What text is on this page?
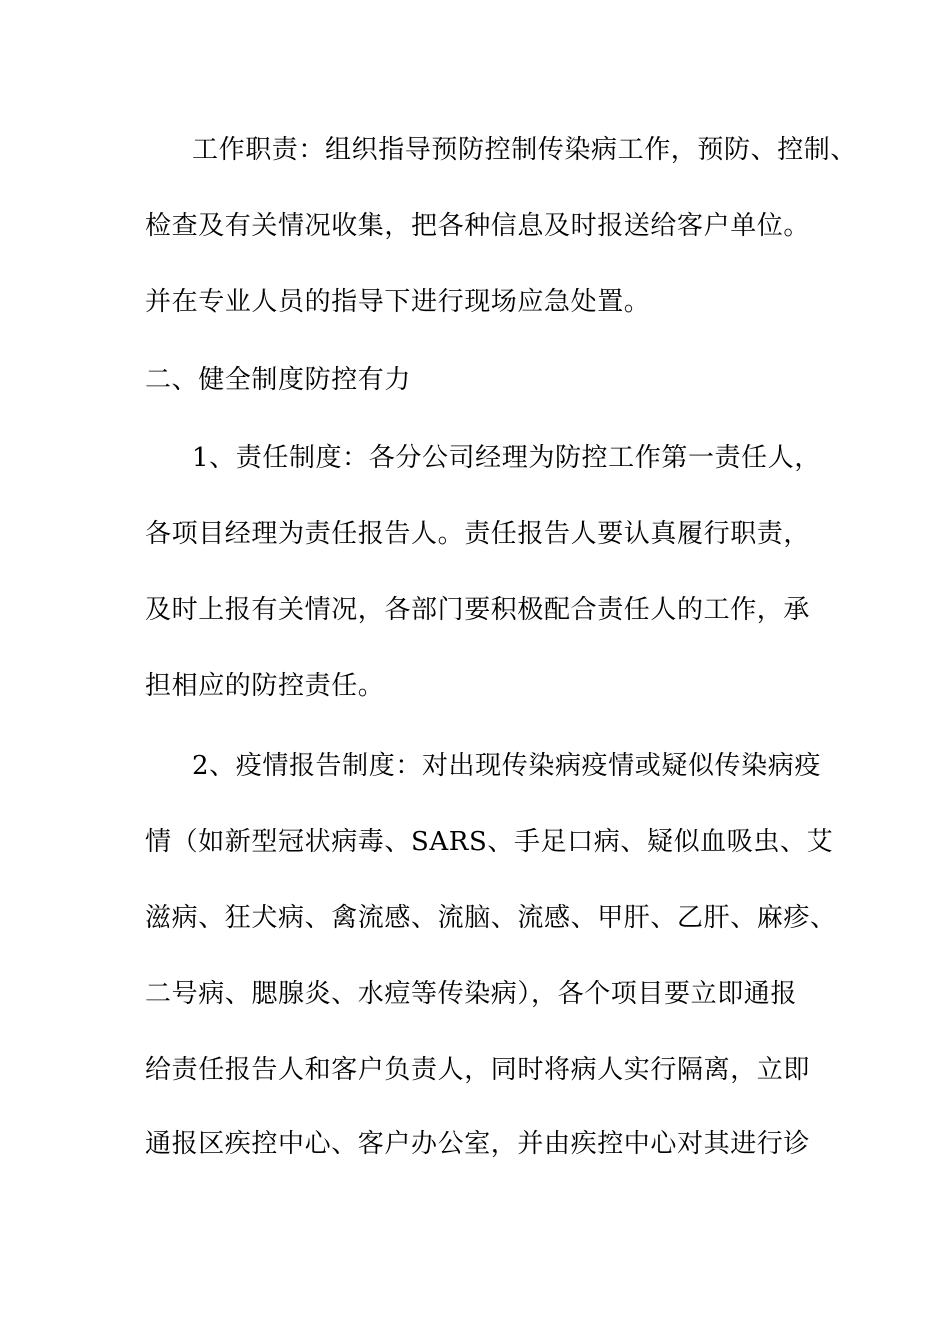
工作职责：组织指导预防控制传染病工作，预防、控制、
检查及有关情况收集，把各种信息及时报送给客户单位。
并在专业人员的指导下进行现场应急处置。
二、健全制度防控有力
1、责任制度：各分公司经理为防控工作第一责任人，
各项目经理为责任报告人。责任报告人要认真履行职责，
及时上报有关情况，各部门要积极配合责任人的工作，承
担相应的防控责任。
2、疫情报告制度：对出现传染病疫情或疑似传染病疫
情（如新型冠状病毒、SARS、手足口病、疑似血吸虫、艾
滋病、狂犬病、禽流感、流脑、流感、甲肝、乙肝、麻疹、
二号病、腮腺炎、水痘等传染病），各个项目要立即通报
给责任报告人和客户负责人，同时将病人实行隔离，立即
通报区疾控中心、客户办公室，并由疾控中心对其进行诊
